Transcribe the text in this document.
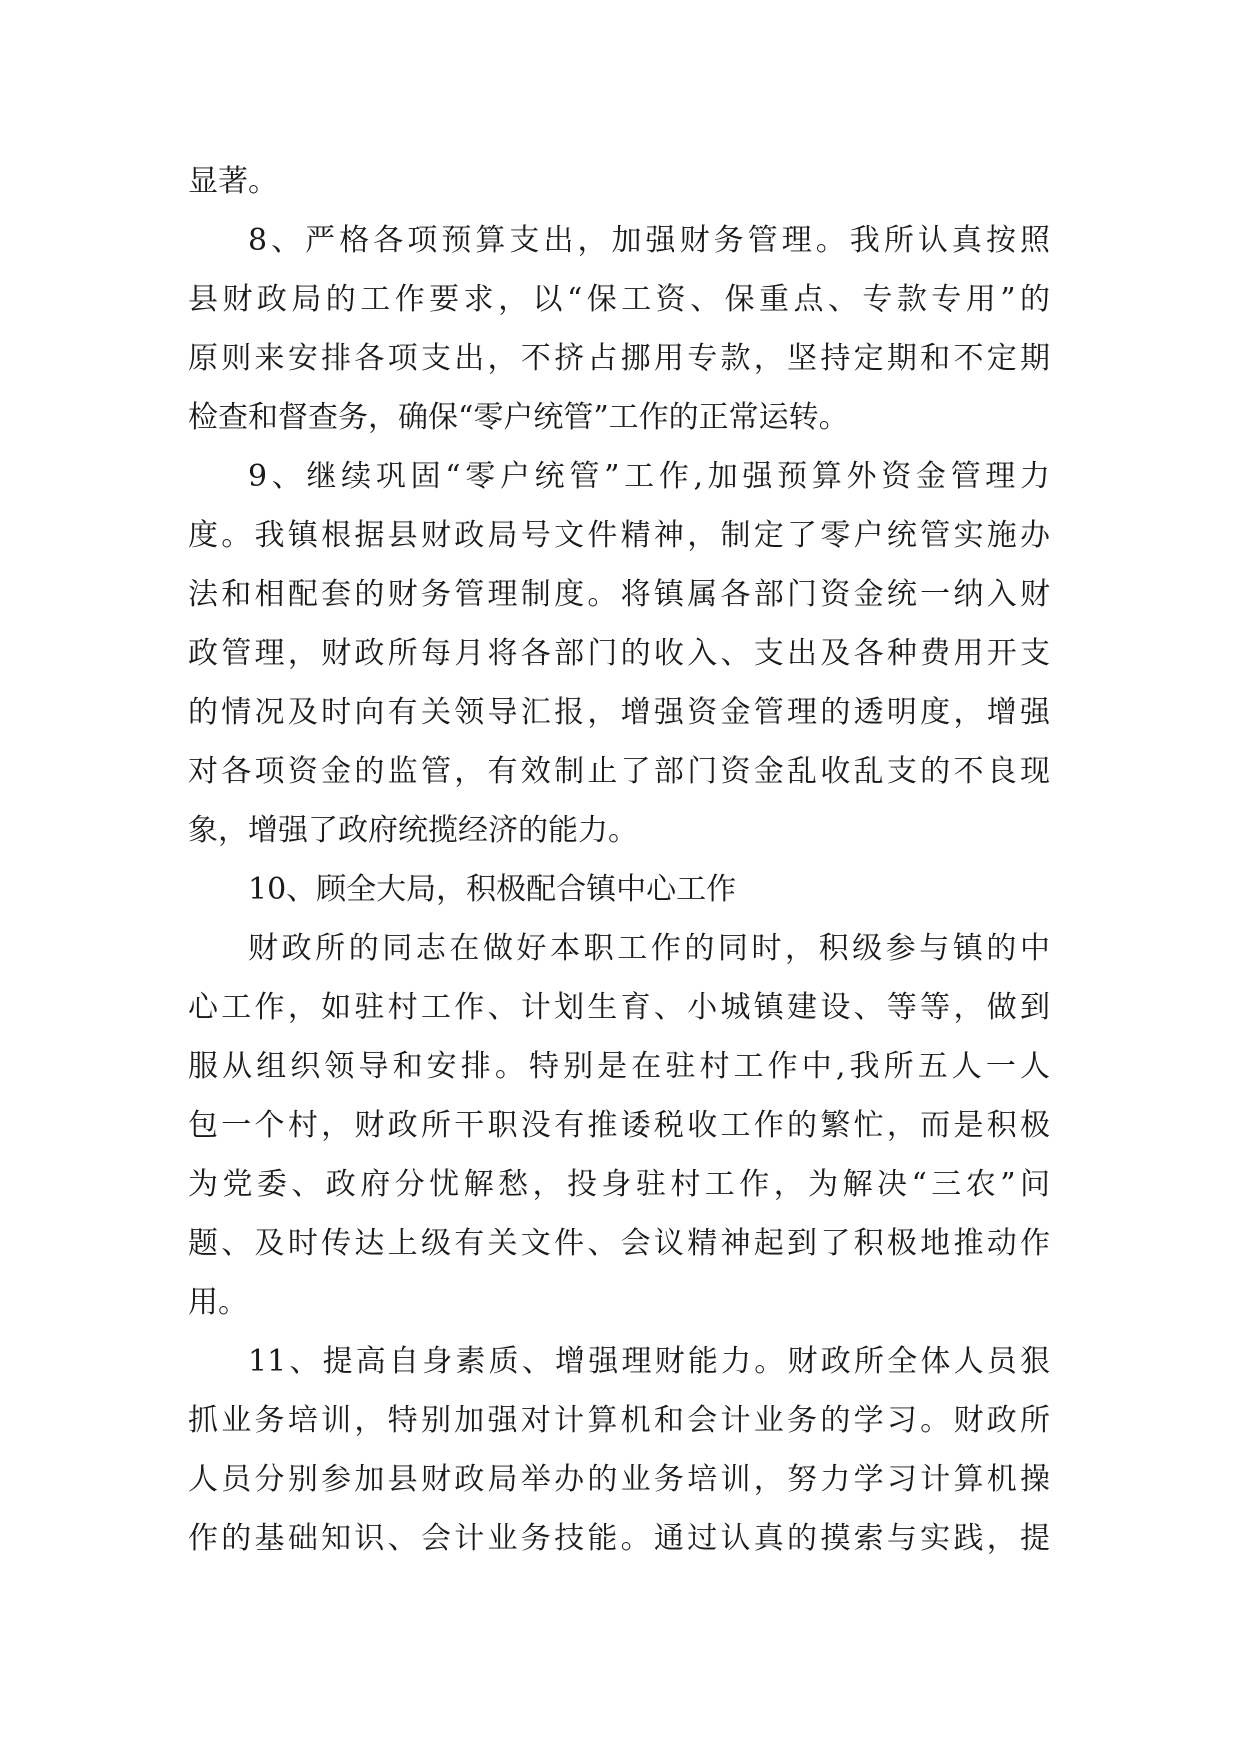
显著。

8、严格各项预算支出，加强财务管理。我所认真按照
县财政局的工作要求，以“保工资、保重点、专款专用”的
原则来安排各项支出，不挤占挪用专款，坚持定期和不定期
检查和督查务，确保“零户统管”工作的正常运转。

9、继续巩固“零户统管”工作,加强预算外资金管理力
度。我镇根据县财政局号文件精神，制定了零户统管实施办
法和相配套的财务管理制度。将镇属各部门资金统一纳入财
政管理，财政所每月将各部门的收入、支出及各种费用开支
的情况及时向有关领导汇报，增强资金管理的透明度，增强
对各项资金的监管，有效制止了部门资金乱收乱支的不良现
象，增强了政府统揽经济的能力。

10、顾全大局，积极配合镇中心工作

财政所的同志在做好本职工作的同时，积级参与镇的中
心工作，如驻村工作、计划生育、小城镇建设、等等，做到
服从组织领导和安排。特别是在驻村工作中,我所五人一人
包一个村，财政所干职没有推诿税收工作的繁忙，而是积极
为党委、政府分忧解愁，投身驻村工作，为解决“三农”问
题、及时传达上级有关文件、会议精神起到了积极地推动作
用。

11、提高自身素质、增强理财能力。财政所全体人员狠
抓业务培训，特别加强对计算机和会计业务的学习。财政所
人员分别参加县财政局举办的业务培训，努力学习计算机操
作的基础知识、会计业务技能。通过认真的摸索与实践，提
